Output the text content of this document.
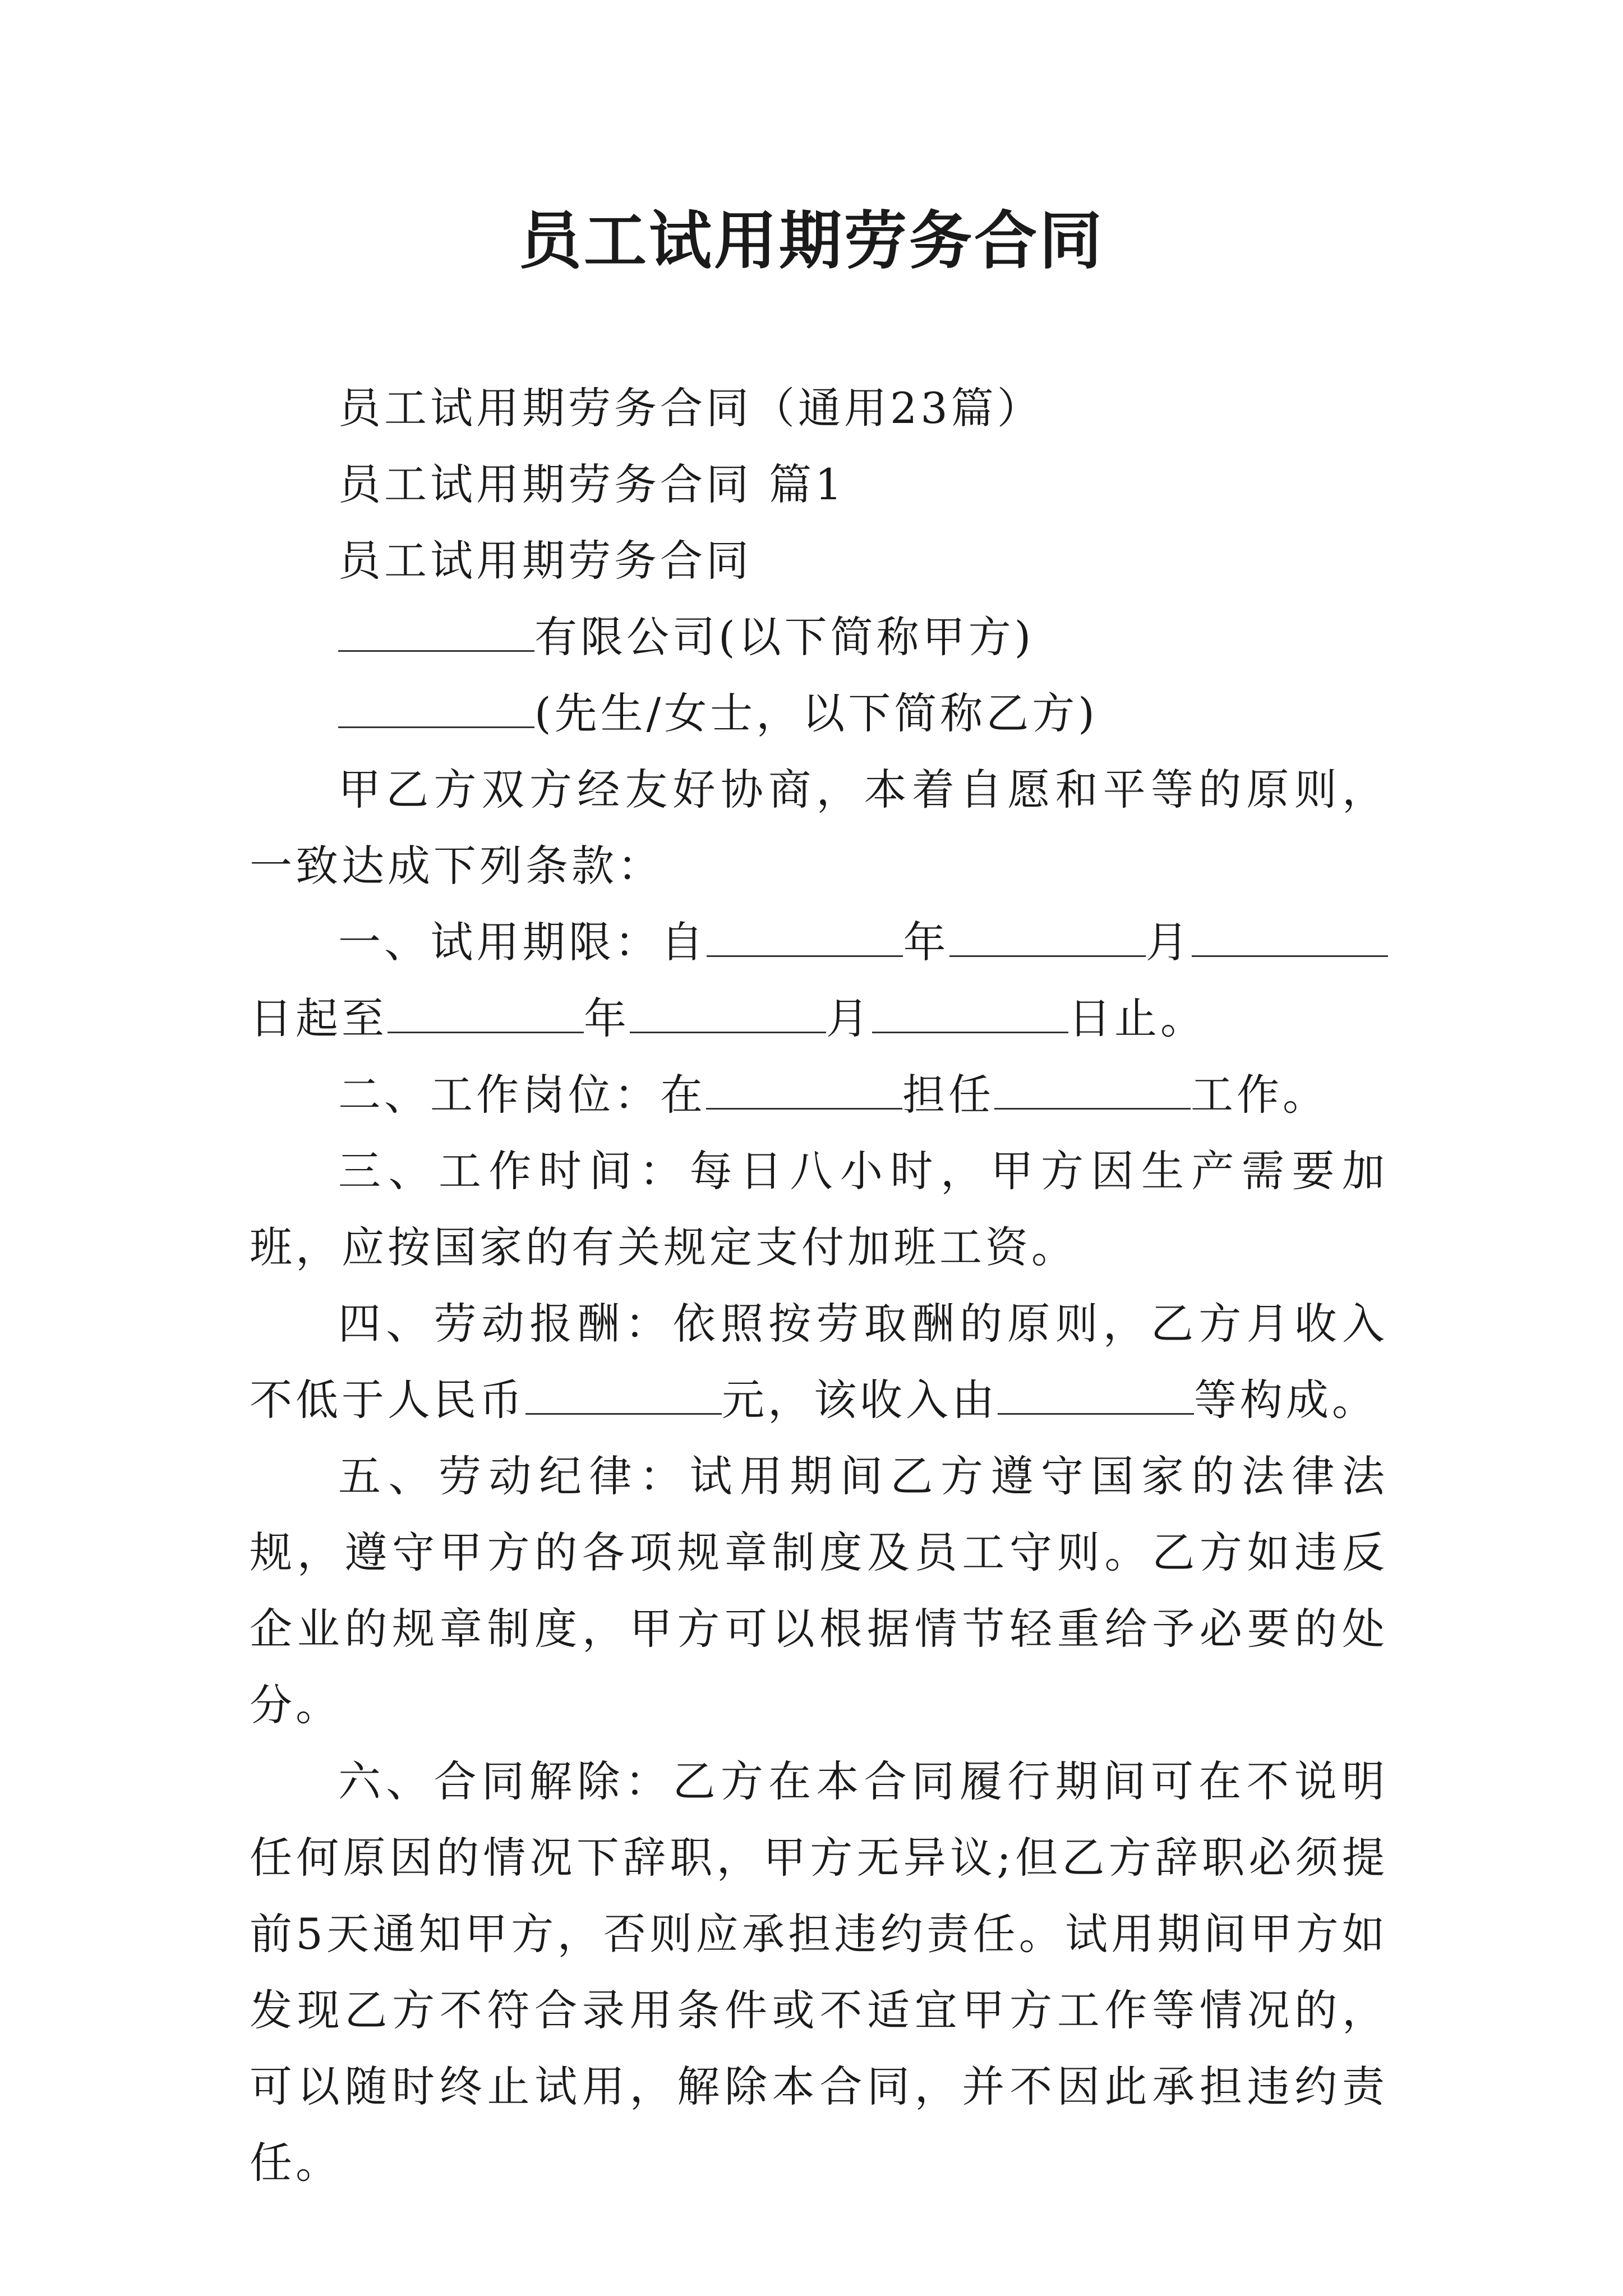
员工试用期劳务合同

员工试用期劳务合同（通用23篇）

员工试用期劳务合同 篇1

员工试用期劳务合同

有限公司(以下简称甲方)

(先生/女士，以下简称乙方)

甲乙方双方经友好协商，本着自愿和平等的原则，一致达成下列条款：

一、试用期限：自	年	月日起至	年	月	日止。

二、工作岗位：在	担任	工作。

三、工作时间：每日八小时，甲方因生产需要加班，应按国家的有关规定支付加班工资。

四、劳动报酬：依照按劳取酬的原则，乙方月收入不低于人民币	元，该收入由	等构成。

五、劳动纪律：试用期间乙方遵守国家的法律法规，遵守甲方的各项规章制度及员工守则。乙方如违反企业的规章制度，甲方可以根据情节轻重给予必要的处分。

六、合同解除：乙方在本合同履行期间可在不说明任何原因的情况下辞职，甲方无异议;但乙方辞职必须提前5天通知甲方，否则应承担违约责任。试用期间甲方如发现乙方不符合录用条件或不适宜甲方工作等情况的，可以随时终止试用，解除本合同，并不因此承担违约责任。
